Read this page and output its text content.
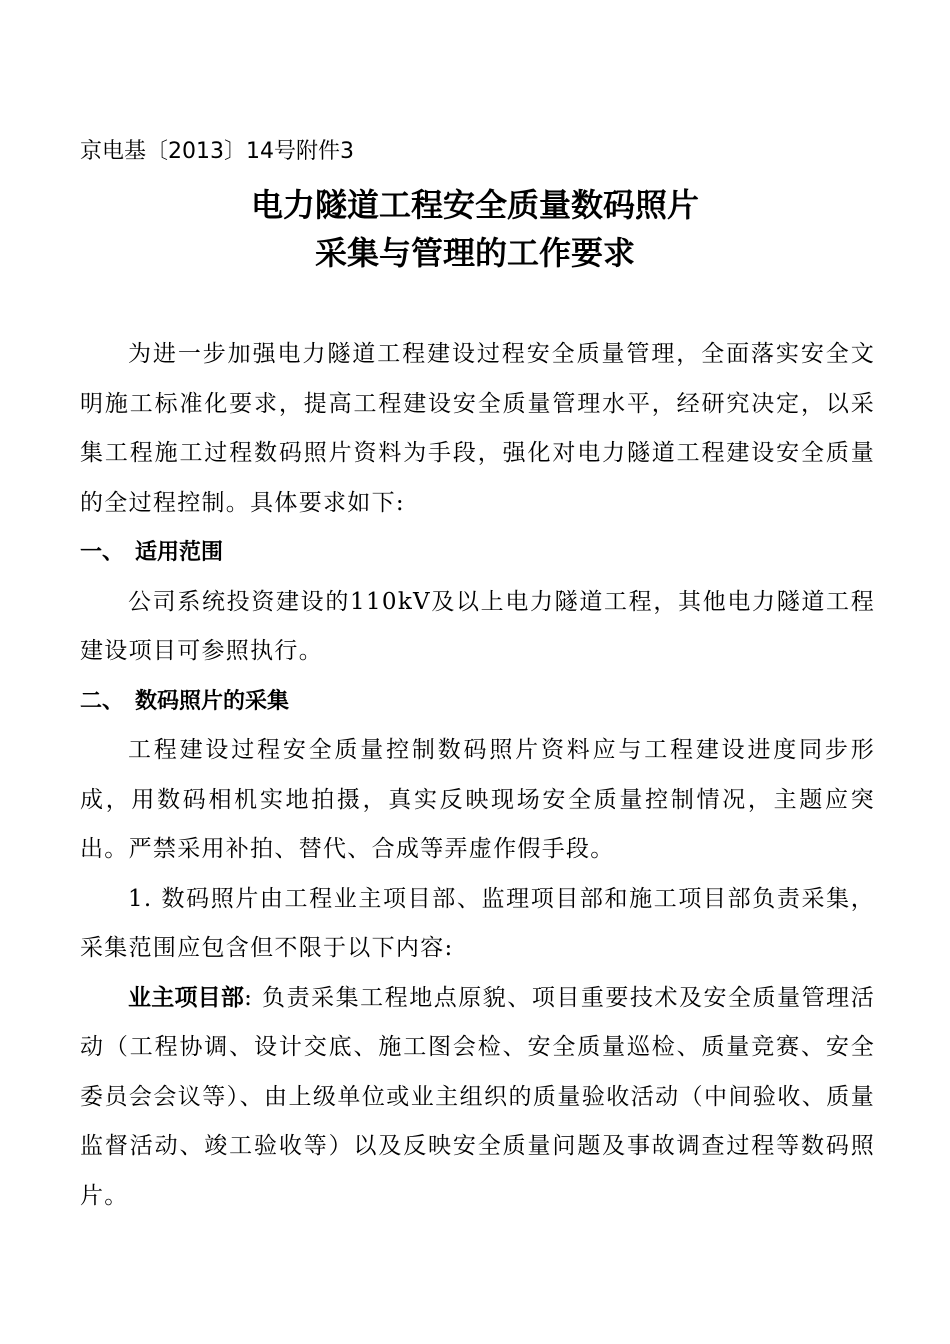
京电基〔2013〕14号附件3
电力隧道工程安全质量数码照片
采集与管理的工作要求

为进一步加强电力隧道工程建设过程安全质量管理，全面落实安全文明施工标准化要求，提高工程建设安全质量管理水平，经研究决定，以采集工程施工过程数码照片资料为手段，强化对电力隧道工程建设安全质量的全过程控制。具体要求如下:

一、 适用范围

公司系统投资建设的110kV及以上电力隧道工程，其他电力隧道工程建设项目可参照执行。

二、 数码照片的采集

工程建设过程安全质量控制数码照片资料应与工程建设进度同步形成，用数码相机实地拍摄，真实反映现场安全质量控制情况，主题应突出。严禁采用补拍、替代、合成等弄虚作假手段。

1. 数码照片由工程业主项目部、监理项目部和施工项目部负责采集，采集范围应包含但不限于以下内容:

业主项目部: 负责采集工程地点原貌、项目重要技术及安全质量管理活动（工程协调、设计交底、施工图会检、安全质量巡检、质量竞赛、安全委员会会议等）、由上级单位或业主组织的质量验收活动（中间验收、质量监督活动、竣工验收等）以及反映安全质量问题及事故调查过程等数码照片。
